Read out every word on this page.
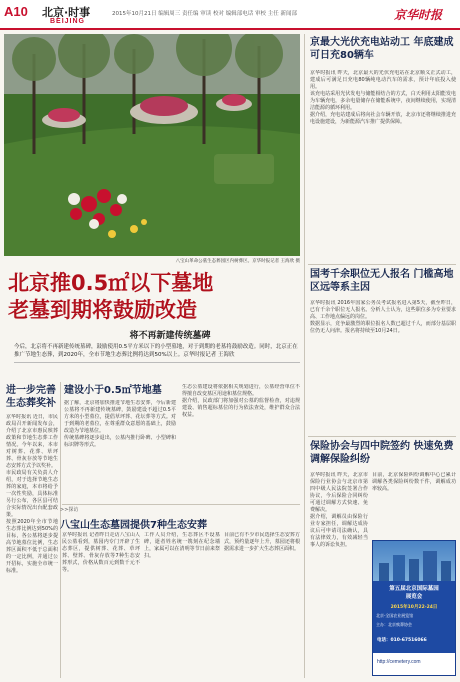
A10 北京·时事
BEIJING
2015年10月21日 编辑周三 责任编 审读 校对 编辑部电话 审校 主任 新闻部	京华时报
八宝山革命公墓生态葬园区内树葬区。京华时报记者 王海欣 摄
北京推0.5㎡以下墓地
老墓到期将鼓励改造
将不再新建传统墓碑
今后，北京将不再新建传统墓碑，鼓励使用0.5平方米以下的小型墓地，对于到期的老墓将鼓励改造。同时，北京正在推广节地生态葬，到2020年，全市节地生态葬比例将达到50%以上。京华时报记者 王海欣
进一步完善生态葬奖补

京华时报讯 近日，市民政局召开新闻发布会，介绍了北京市惠民殡葬政策和节地生态葬工作情况。今年以来，本市对树葬、花葬、草坪葬、骨灰存放等节地生态安葬方式予以奖补。

市民政局有关负责人介绍，对于选择节地生态葬的家庭，本市将给予一次性奖励，具体标准另行公布，各区县可结合实际情况出台配套政策。

按照2020年全市节地生态葬比例达到50%的目标，各公墓将逐步提高节地墓位比例，生态葬区面积不低于总面积的一定比例，并通过公开招标，实施全市统一标准。

建设小于0.5㎡节地墓

据了解，北京将加快推进节地生态安葬，今后新建公墓将不再新建传统墓碑，鼓励建设不超过0.5平方米的小型墓位，提倡草坪葬、花坛葬等方式。对于到期的老墓位，在尊重群众意愿的基础上，鼓励改造为节地墓位。

传统墓碑将逐步退出，公墓内推行卧碑、小型碑和标识牌等形式。

生态公墓建设将依据相关规划进行，公墓经营单位不得擅自改变墓区用途和墓位规格。

据介绍，民政部门将加强对公墓的监督检查，对违规建设、销售超标墓位的行为依法查处，维护群众合法权益。

>>探访
八宝山生态墓园提供7种生态安葬

京华时报讯 记者昨日走访八宝山人民公墓看到，墓园内专门开辟了生态葬区，提供树葬、花葬、草坪葬、壁葬、骨灰存放等7种生态安葬形式，价格从数百元到数千元不等。

工作人员介绍，生态葬区不设墓碑，逝者姓名统一镌刻在纪念墙上，家属可以在清明等节日前来祭扫。

目前已有不少市民选择生态安葬方式，预约量逐年上升，墓园还将根据需求进一步扩大生态葬区面积。

京最大光伏充电站动工 年底建成可日充80辆车

京华时报讯 昨天，北京最大的光伏充电站在北京顺义正式动工，建成后可满足日充电80辆纯电动汽车的需求，预计年底投入使用。

该充电站采用光伏发电与储能相结合的方式，白天利用太阳能发电为车辆充电，多余电量储存在储能系统中，夜间继续使用，实现清洁能源的循环利用。

据介绍，充电站建成后将向社会车辆开放，北京市还将继续推进充电设施建设，为新能源汽车推广提供保障。

国考千余职位无人报名 门槛高地区远等系主因

京华时报讯 2016年国家公务员考试报名进入第5天，截至昨日，已有千余个职位无人报名。分析人士认为，这些职位多为专业要求高、工作地点偏远的岗位。

数据显示，竞争最激烈的职位报名人数已超过千人，而部分基层职位仍无人问津。报名将持续至10月24日。

保险协会与四中院签约 快速免费调解保险纠纷

京华时报讯 昨天，北京市保险行业协会与北京市第四中级人民法院签署合作协议，今后保险合同纠纷可通过调解方式快速、免费解决。

据介绍，调解员由保险行业专家担任，调解达成协议后可申请司法确认，具有法律效力，有效减轻当事人的诉讼负担。

目前，北京保险纠纷调解中心已累计调解各类保险纠纷数千件，调解成功率较高。

第五届北京国际墓园
展览会
2015年10月22-24日
北京·全国农业展览馆
主办：北京殡葬协会
电话：010-67516066
http://cemetery.com
